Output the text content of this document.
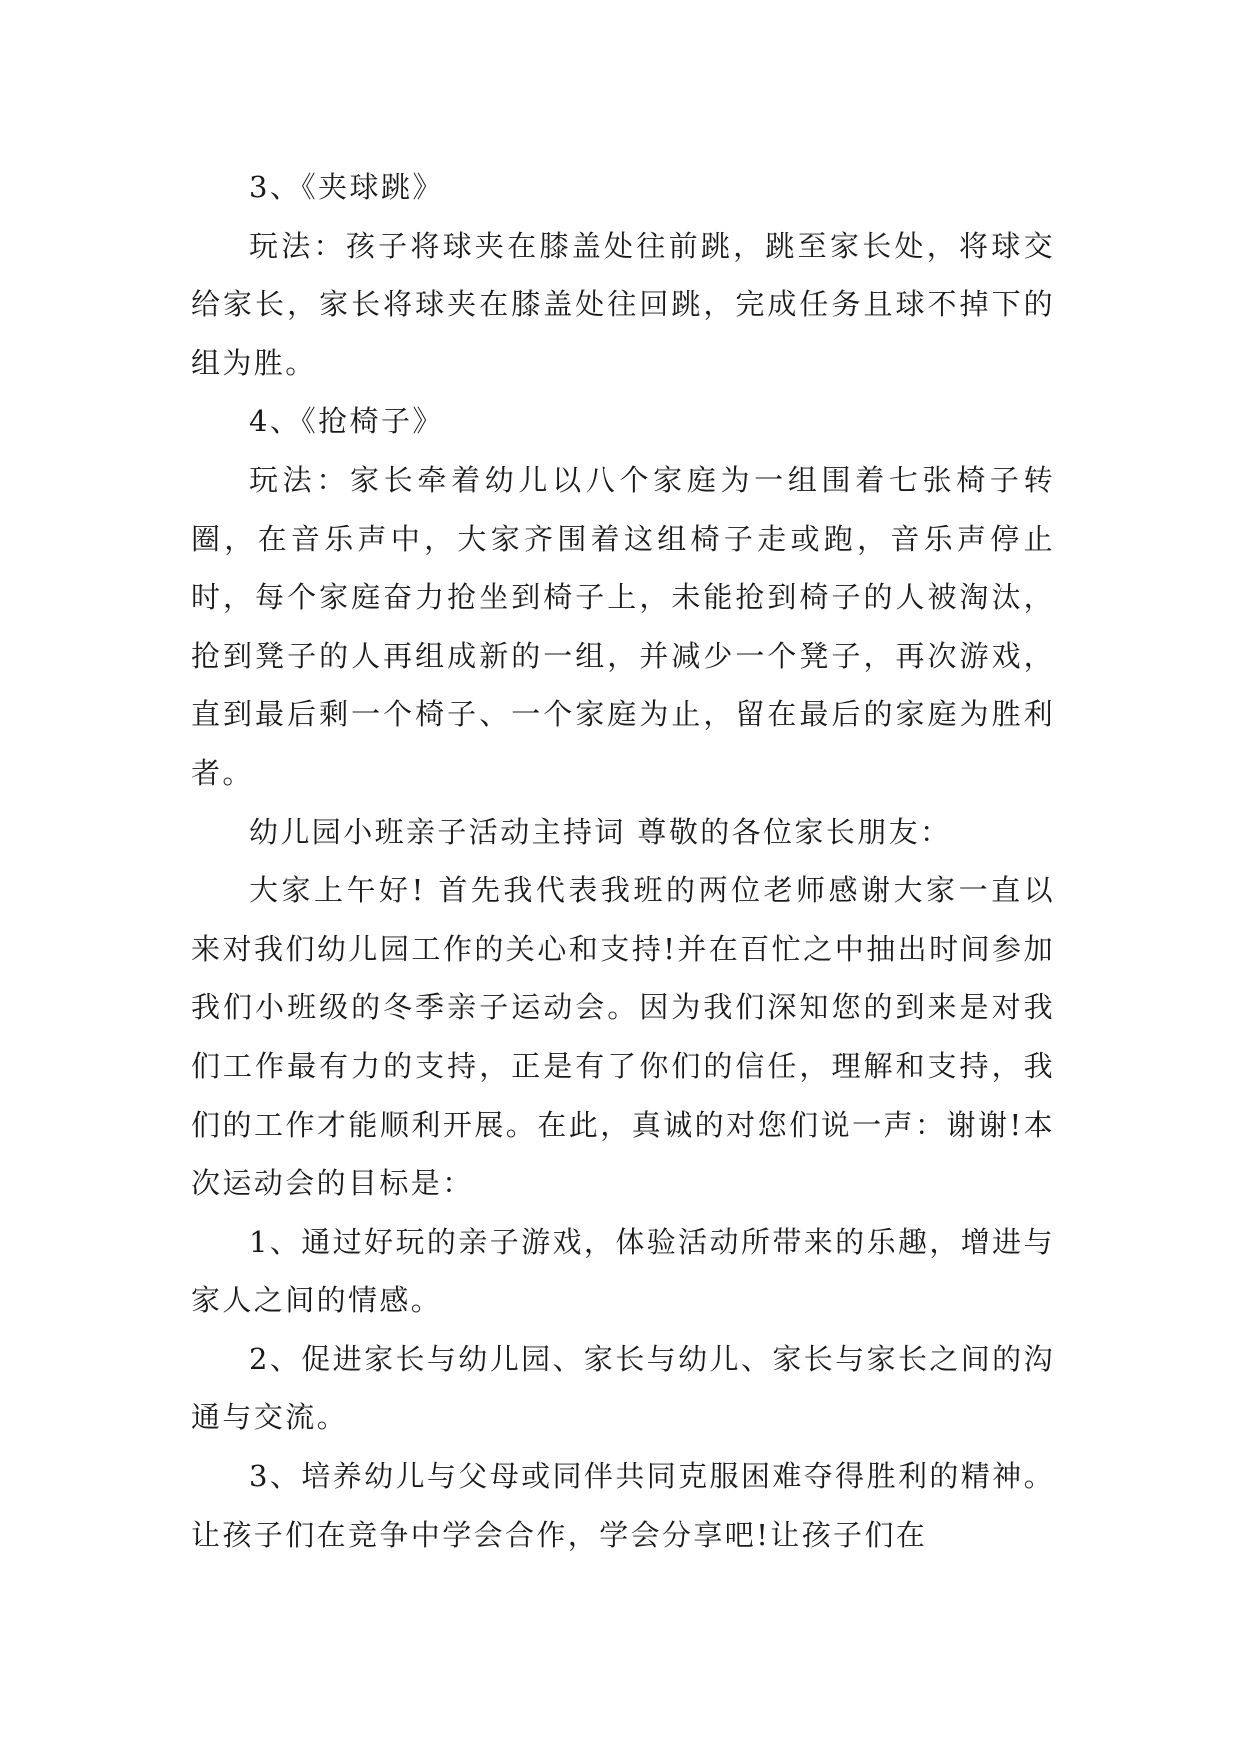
3、《夹球跳》

玩法：孩子将球夹在膝盖处往前跳，跳至家长处，将球交给家长，家长将球夹在膝盖处往回跳，完成任务且球不掉下的组为胜。

4、《抢椅子》

玩法：家长牵着幼儿以八个家庭为一组围着七张椅子转圈，在音乐声中，大家齐围着这组椅子走或跑，音乐声停止时，每个家庭奋力抢坐到椅子上，未能抢到椅子的人被淘汰，抢到凳子的人再组成新的一组，并减少一个凳子，再次游戏，直到最后剩一个椅子、一个家庭为止，留在最后的家庭为胜利者。

幼儿园小班亲子活动主持词 尊敬的各位家长朋友：

大家上午好! 首先我代表我班的两位老师感谢大家一直以来对我们幼儿园工作的关心和支持!并在百忙之中抽出时间参加我们小班级的冬季亲子运动会。因为我们深知您的到来是对我们工作最有力的支持，正是有了你们的信任，理解和支持，我们的工作才能顺利开展。在此，真诚的对您们说一声：谢谢!本次运动会的目标是：

1、通过好玩的亲子游戏，体验活动所带来的乐趣，增进与家人之间的情感。

2、促进家长与幼儿园、家长与幼儿、家长与家长之间的沟通与交流。

3、培养幼儿与父母或同伴共同克服困难夺得胜利的精神。 让孩子们在竞争中学会合作，学会分享吧!让孩子们在
